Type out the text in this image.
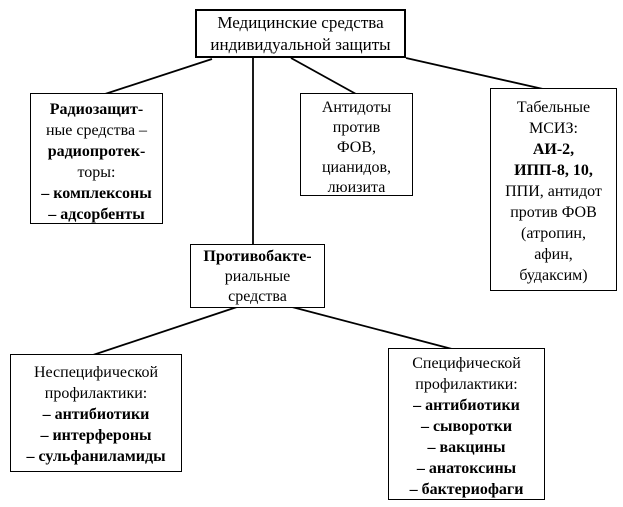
Медицинские средства
индивидуальной защиты
Радиозащит-
ные средства –
радиопротек-
торы:
– комплексоны
– адсорбенты
Антидоты
против
ФОВ,
цианидов,
люизита
Табельные
МСИЗ:
АИ-2,
ИПП-8, 10,
ППИ, антидот
против ФОВ
(атропин,
афин,
будаксим)
Противобакте-
риальные
средства
Неспецифической
профилактики:
– антибиотики
– интерфероны
– сульфаниламиды
Специфической
профилактики:
– антибиотики
– сыворотки
– вакцины
– анатоксины
– бактериофаги
